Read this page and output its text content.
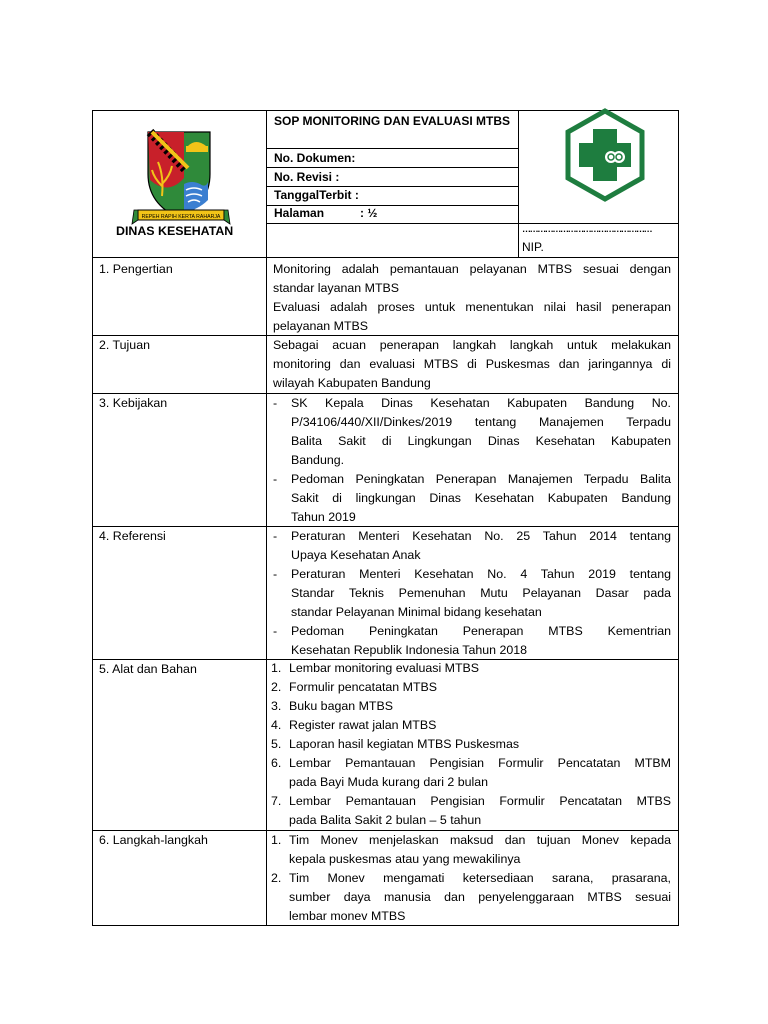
SOP MONITORING DAN EVALUASI MTBS
No. Dokumen:
No. Revisi :
TanggalTerbit :
Halaman	: ½
DINAS KESEHATAN	……………………………………………
NIP.
REPEH RAPIH KERTA RAHARJA
1. Pengertian
2. Tujuan
3. Kebijakan
4. Referensi
5. Alat dan Bahan
6. Langkah-langkah
Monitoring adalah pemantauan pelayanan MTBS sesuai dengan
standar layanan MTBS
Evaluasi adalah proses untuk menentukan nilai hasil penerapan
pelayanan MTBS
Sebagai acuan penerapan langkah langkah untuk melakukan
monitoring dan evaluasi MTBS di Puskesmas dan jaringannya di
wilayah Kabupaten Bandung
- SK Kepala Dinas Kesehatan Kabupaten Bandung No.
P/34106/440/XII/Dinkes/2019 tentang Manajemen Terpadu
Balita Sakit di Lingkungan Dinas Kesehatan Kabupaten
Bandung.
- Pedoman Peningkatan Penerapan Manajemen Terpadu Balita
Sakit di lingkungan Dinas Kesehatan Kabupaten Bandung
Tahun 2019
- Peraturan Menteri Kesehatan No. 25 Tahun 2014 tentang
Upaya Kesehatan Anak
- Peraturan Menteri Kesehatan No. 4 Tahun 2019 tentang
Standar Teknis Pemenuhan Mutu Pelayanan Dasar pada
standar Pelayanan Minimal bidang kesehatan
- Pedoman Peningkatan Penerapan MTBS Kementrian
Kesehatan Republik Indonesia Tahun 2018
1. Lembar monitoring evaluasi MTBS
2. Formulir pencatatan MTBS
3. Buku bagan MTBS
4. Register rawat jalan MTBS
5. Laporan hasil kegiatan MTBS Puskesmas
6. Lembar Pemantauan Pengisian Formulir Pencatatan MTBM
pada Bayi Muda kurang dari 2 bulan
7. Lembar Pemantauan Pengisian Formulir Pencatatan MTBS
pada Balita Sakit 2 bulan – 5 tahun
1. Tim Monev menjelaskan maksud dan tujuan Monev kepada
kepala puskesmas atau yang mewakilinya
2. Tim Monev mengamati ketersediaan sarana, prasarana,
sumber daya manusia dan penyelenggaraan MTBS sesuai
lembar monev MTBS
